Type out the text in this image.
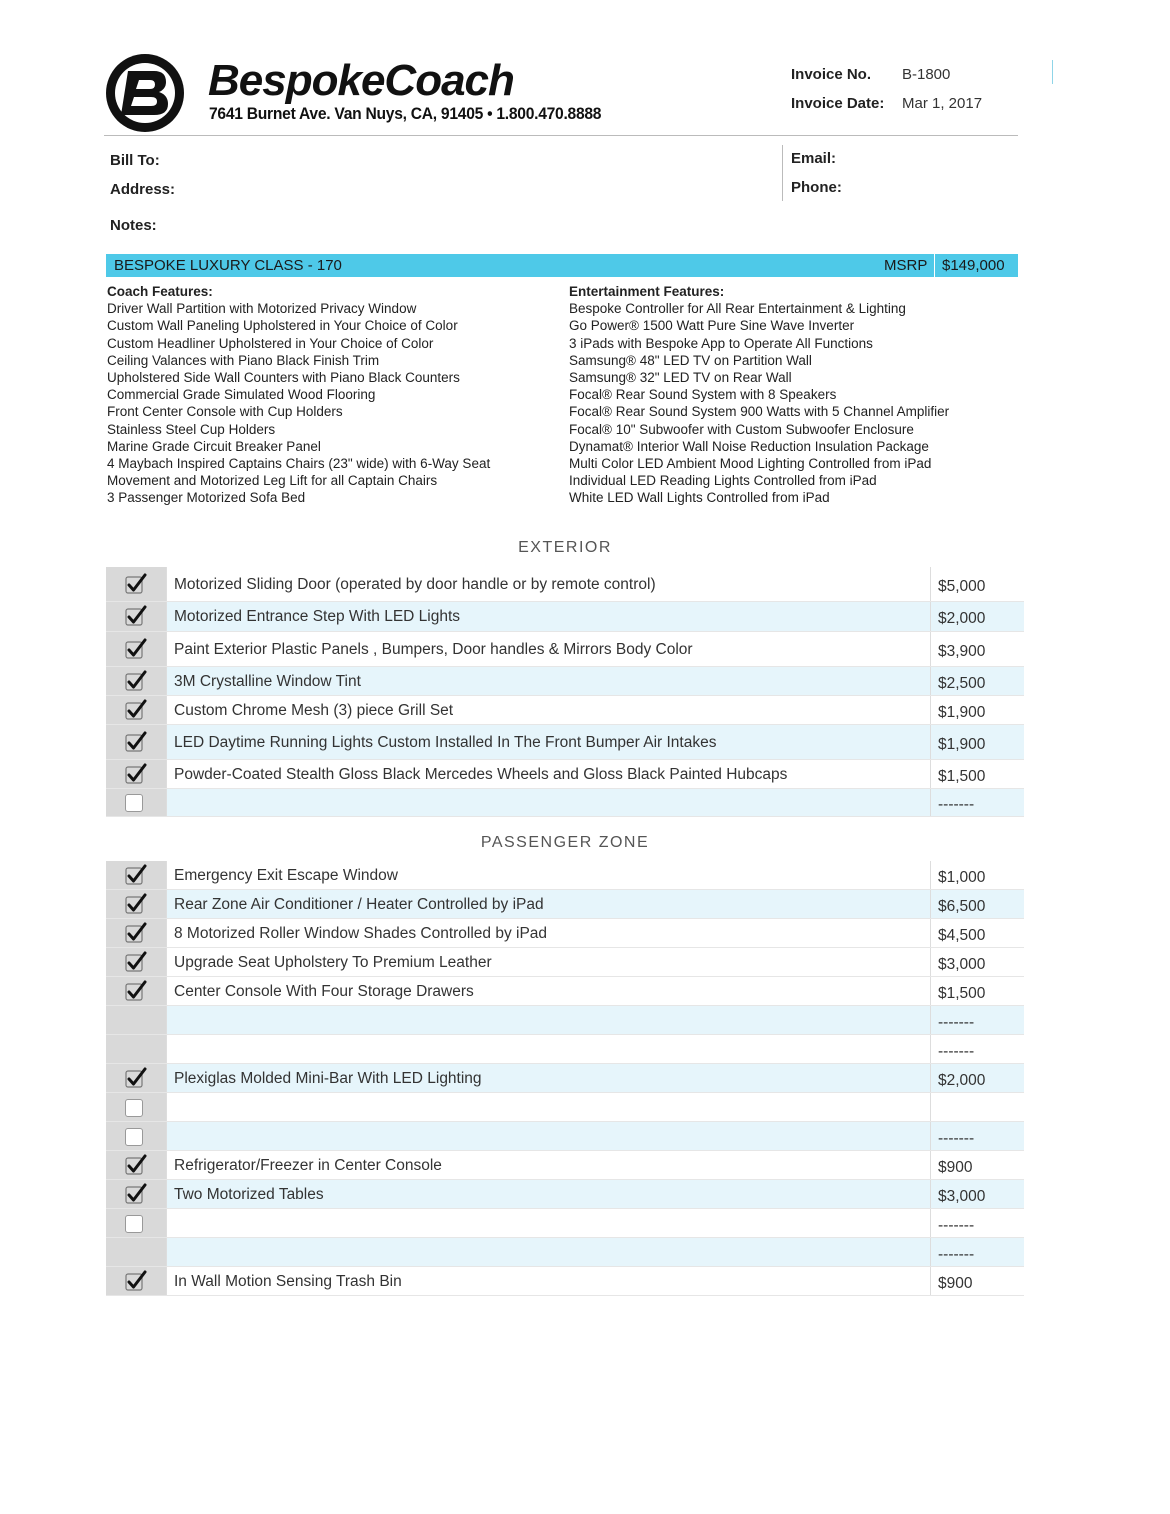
BespokeCoach
7641 Burnet Ave. Van Nuys, CA, 91405 • 1.800.470.8888
Invoice No. B-1800
Invoice Date: Mar 1, 2017
Bill To:
Address:
Notes:
Email:
Phone:
BESPOKE LUXURY CLASS - 170	MSRP $149,000
Coach Features:
Driver Wall Partition with Motorized Privacy Window
Custom Wall Paneling Upholstered in Your Choice of Color
Custom Headliner Upholstered in Your Choice of Color
Ceiling Valances with Piano Black Finish Trim
Upholstered Side Wall Counters with Piano Black Counters
Commercial Grade Simulated Wood Flooring
Front Center Console with Cup Holders
Stainless Steel Cup Holders
Marine Grade Circuit Breaker Panel
4 Maybach Inspired Captains Chairs (23" wide) with 6-Way Seat
Movement and Motorized Leg Lift for all Captain Chairs
3 Passenger Motorized Sofa Bed
Entertainment Features:
Bespoke Controller for All Rear Entertainment & Lighting
Go Power® 1500 Watt Pure Sine Wave Inverter
3 iPads with Bespoke App to Operate All Functions
Samsung® 48" LED TV on Partition Wall
Samsung® 32" LED TV on Rear Wall
Focal® Rear Sound System with 8 Speakers
Focal® Rear Sound System 900 Watts with 5 Channel Amplifier
Focal® 10" Subwoofer with Custom Subwoofer Enclosure
Dynamat® Interior Wall Noise Reduction Insulation Package
Multi Color LED Ambient Mood Lighting Controlled from iPad
Individual LED Reading Lights Controlled from iPad
White LED Wall Lights Controlled from iPad
EXTERIOR
Motorized Sliding Door (operated by door handle or by remote control)	$5,000
Motorized Entrance Step With LED Lights	$2,000
Paint Exterior Plastic Panels , Bumpers, Door handles & Mirrors Body Color	$3,900
3M Crystalline Window Tint	$2,500
Custom Chrome Mesh (3) piece Grill Set	$1,900
LED Daytime Running Lights Custom Installed In The Front Bumper Air Intakes	$1,900
Powder-Coated Stealth Gloss Black Mercedes Wheels and Gloss Black Painted Hubcaps	$1,500
-------
PASSENGER ZONE
Emergency Exit Escape Window	$1,000
Rear Zone Air Conditioner / Heater Controlled by iPad	$6,500
8 Motorized Roller Window Shades Controlled by iPad	$4,500
Upgrade Seat Upholstery To Premium Leather	$3,000
Center Console With Four Storage Drawers	$1,500
-------
-------
Plexiglas Molded Mini-Bar With LED Lighting	$2,000
-------
Refrigerator/Freezer in Center Console	$900
Two Motorized Tables	$3,000
-------
-------
In Wall Motion Sensing Trash Bin	$900
